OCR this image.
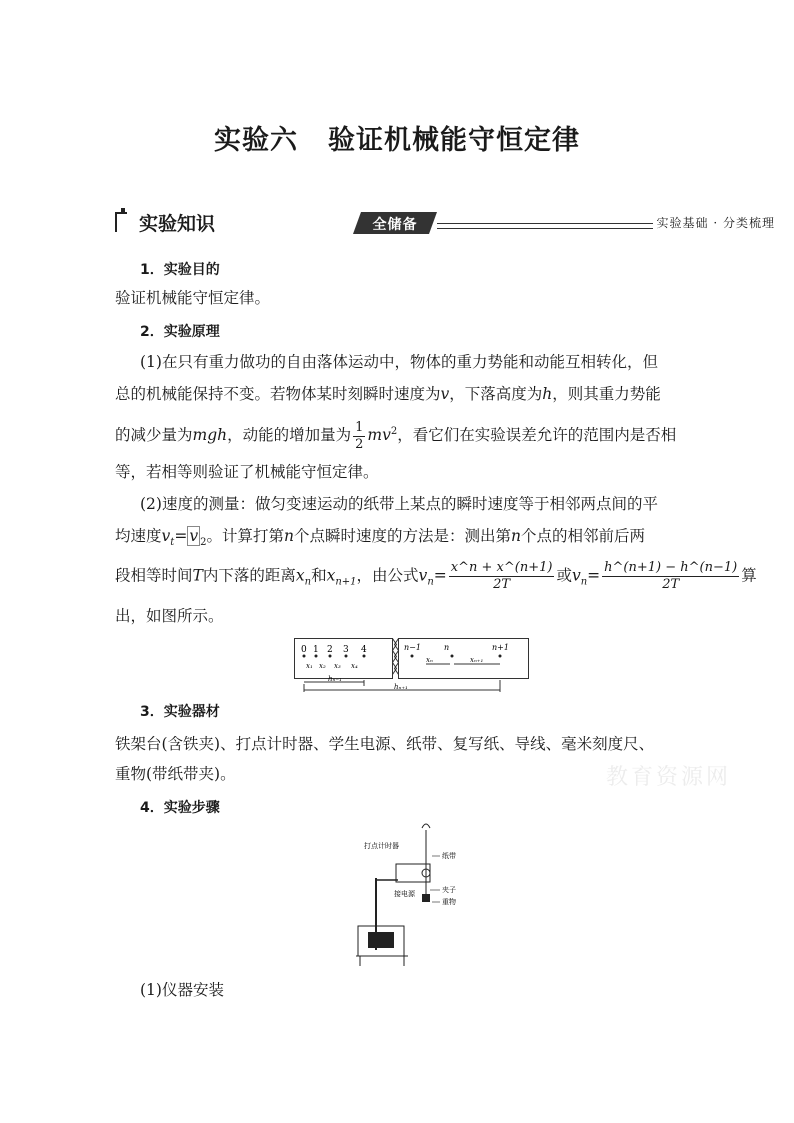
实验六 验证机械能守恒定律
实验知识	全储备	实验基础 · 分类梳理
1．实验目的
验证机械能守恒定律。
2．实验原理
(1)在只有重力做功的自由落体运动中，物体的重力势能和动能互相转化，但
总的机械能保持不变。若物体某时刻瞬时速度为v，下落高度为h，则其重力势能
的减少量为mgh，动能的增加量为 $\frac{1}{2} mv^2$，看它们在实验误差允许的范围内是否相
等，若相等则验证了机械能守恒定律。
(2)速度的测量：做匀变速运动的纸带上某点的瞬时速度等于相邻两点间的平
均速度$v_t= v$ $_2$。计算打第n个点瞬时速度的方法是：测出第n个点的相邻前后两
段相等时间T内下落的距离$x_n$和$x_{n+1}$，由公式$v_n= \frac{x\^{}n + x\^{}(n+1)}{2T}$ 或$v_n= \frac{h\^{}(n+1) - h\^{}(n-1)}{2T}$ 算
出，如图所示。
0 1 2 3 4
x₁ x₂ x₃ x₄
n−1	n	n+1
xₙ	xₙ₊₁
hₙ₋₁
hₙ₊₁
3．实验器材
铁架台(含铁夹)、打点计时器、学生电源、纸带、复写纸、导线、毫米刻度尺、
重物(带纸带夹)。	教育资源网
4．实验步骤
打点计时器
纸带
接电源	夹子
重物
(1)仪器安装
